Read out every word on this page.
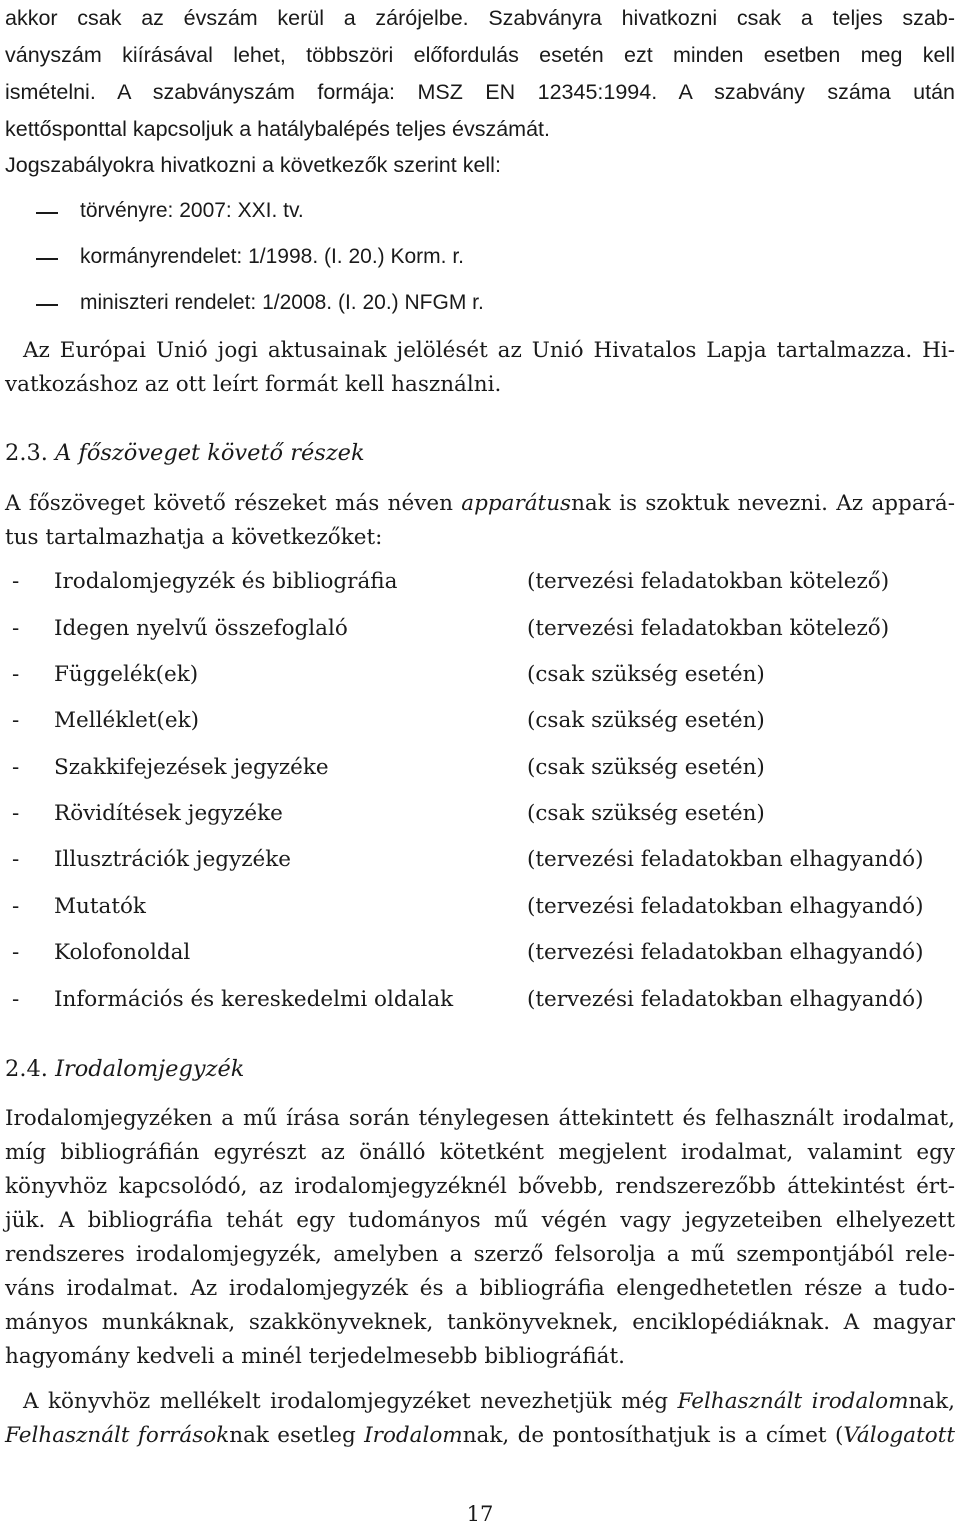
akkor csak az évszám kerül a zárójelbe. Szabványra hivatkozni csak a teljes szab-
ványszám kiírásával lehet, többszöri előfordulás esetén ezt minden esetben meg kell
ismételni. A szabványszám formája: MSZ EN 12345:1994. A szabvány száma után
kettősponttal kapcsoljuk a hatálybalépés teljes évszámát.
Jogszabályokra hivatkozni a következők szerint kell:
törvényre: 2007: XXI. tv.
kormányrendelet: 1/1998. (I. 20.) Korm. r.
miniszteri rendelet: 1/2008. (I. 20.) NFGM r.
Az Európai Unió jogi aktusainak jelölését az Unió Hivatalos Lapja tartalmazza. Hi-
vatkozáshoz az ott leírt formát kell használni.
2.3. A főszöveget követő részek
A főszöveget követő részeket más néven apparátusnak is szoktuk nevezni. Az appará-
tus tartalmazhatja a következőket:
- Irodalomjegyzék és bibliográfia	(tervezési feladatokban kötelező)
- Idegen nyelvű összefoglaló	(tervezési feladatokban kötelező)
- Függelék(ek)	(csak szükség esetén)
- Melléklet(ek)	(csak szükség esetén)
- Szakkifejezések jegyzéke	(csak szükség esetén)
- Rövidítések jegyzéke	(csak szükség esetén)
- Illusztrációk jegyzéke	(tervezési feladatokban elhagyandó)
- Mutatók	(tervezési feladatokban elhagyandó)
- Kolofonoldal	(tervezési feladatokban elhagyandó)
- Információs és kereskedelmi oldalak	(tervezési feladatokban elhagyandó)
2.4. Irodalomjegyzék
Irodalomjegyzéken a mű írása során ténylegesen áttekintett és felhasznált irodalmat,
míg bibliográfián egyrészt az önálló kötetként megjelent irodalmat, valamint egy
könyvhöz kapcsolódó, az irodalomjegyzéknél bővebb, rendszerezőbb áttekintést ért-
jük. A bibliográfia tehát egy tudományos mű végén vagy jegyzeteiben elhelyezett
rendszeres irodalomjegyzék, amelyben a szerző felsorolja a mű szempontjából rele-
váns irodalmat. Az irodalomjegyzék és a bibliográfia elengedhetetlen része a tudo-
mányos munkáknak, szakkönyveknek, tankönyveknek, enciklopédiáknak. A magyar
hagyomány kedveli a minél terjedelmesebb bibliográfiát.
A könyvhöz mellékelt irodalomjegyzéket nevezhetjük még Felhasznált irodalomnak,
Felhasznált forrásoknak esetleg Irodalomnak, de pontosíthatjuk is a címet (Válogatott
17
